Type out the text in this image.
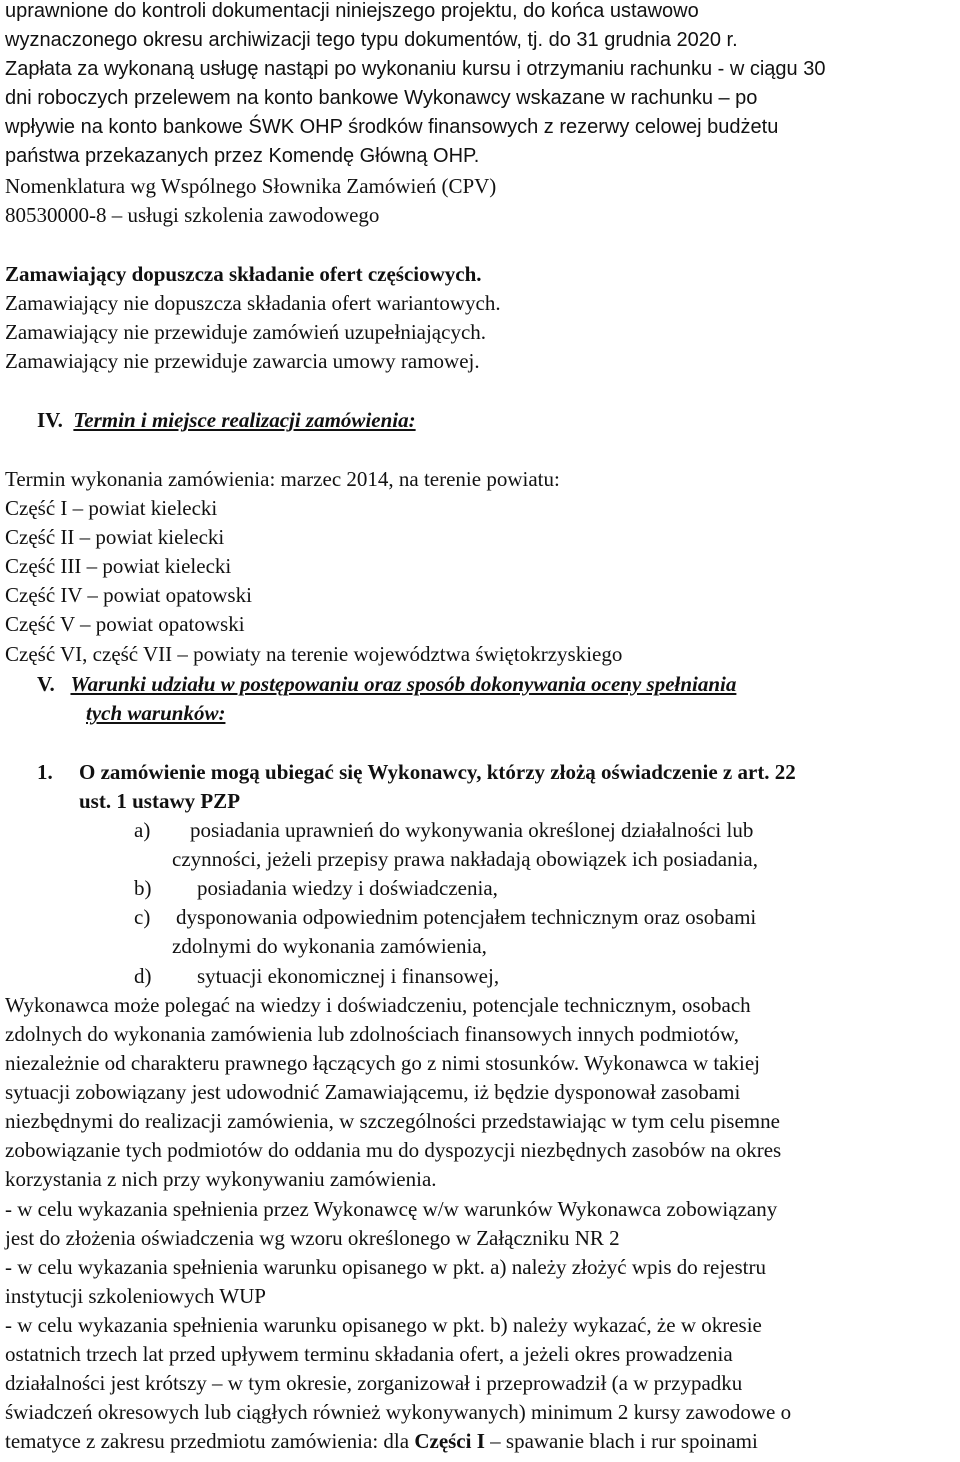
uprawnione do kontroli dokumentacji niniejszego projektu, do końca ustawowo
wyznaczonego okresu archiwizacji tego typu dokumentów, tj. do 31 grudnia 2020 r.
Zapłata za wykonaną usługę nastąpi po wykonaniu kursu i otrzymaniu rachunku - w ciągu 30
dni roboczych przelewem na konto bankowe Wykonawcy wskazane w rachunku – po
wpływie na konto bankowe ŚWK OHP środków finansowych z rezerwy celowej budżetu
państwa przekazanych przez Komendę Główną OHP.
Nomenklatura wg Wspólnego Słownika Zamówień (CPV)
80530000-8 – usługi szkolenia zawodowego
Zamawiający dopuszcza składanie ofert częściowych.
Zamawiający nie dopuszcza składania ofert wariantowych.
Zamawiający nie przewiduje zamówień uzupełniających.
Zamawiający nie przewiduje zawarcia umowy ramowej.
IV. Termin i miejsce realizacji zamówienia:
Termin wykonania zamówienia: marzec 2014, na terenie powiatu:
Część I – powiat kielecki
Część II – powiat kielecki
Część III – powiat kielecki
Część IV – powiat opatowski
Część V – powiat opatowski
Część VI, część VII – powiaty na terenie województwa świętokrzyskiego
V. Warunki udziału w postępowaniu oraz sposób dokonywania oceny spełniania
tych warunków:
1. O zamówienie mogą ubiegać się Wykonawcy, którzy złożą oświadczenie z art. 22
ust. 1 ustawy PZP
a) posiadania uprawnień do wykonywania określonej działalności lub
czynności, jeżeli przepisy prawa nakładają obowiązek ich posiadania,
b) posiadania wiedzy i doświadczenia,
c) dysponowania odpowiednim potencjałem technicznym oraz osobami
zdolnymi do wykonania zamówienia,
d) sytuacji ekonomicznej i finansowej,
Wykonawca może polegać na wiedzy i doświadczeniu, potencjale technicznym, osobach
zdolnych do wykonania zamówienia lub zdolnościach finansowych innych podmiotów,
niezależnie od charakteru prawnego łączących go z nimi stosunków. Wykonawca w takiej
sytuacji zobowiązany jest udowodnić Zamawiającemu, iż będzie dysponował zasobami
niezbędnymi do realizacji zamówienia, w szczególności przedstawiając w tym celu pisemne
zobowiązanie tych podmiotów do oddania mu do dyspozycji niezbędnych zasobów na okres
korzystania z nich przy wykonywaniu zamówienia.
- w celu wykazania spełnienia przez Wykonawcę w/w warunków Wykonawca zobowiązany
jest do złożenia oświadczenia wg wzoru określonego w Załączniku NR 2
- w celu wykazania spełnienia warunku opisanego w pkt. a) należy złożyć wpis do rejestru
instytucji szkoleniowych WUP
- w celu wykazania spełnienia warunku opisanego w pkt. b) należy wykazać, że w okresie
ostatnich trzech lat przed upływem terminu składania ofert, a jeżeli okres prowadzenia
działalności jest krótszy – w tym okresie, zorganizował i przeprowadził (a w przypadku
świadczeń okresowych lub ciągłych również wykonywanych) minimum 2 kursy zawodowe o
tematyce z zakresu przedmiotu zamówienia: dla Części I – spawanie blach i rur spoinami
